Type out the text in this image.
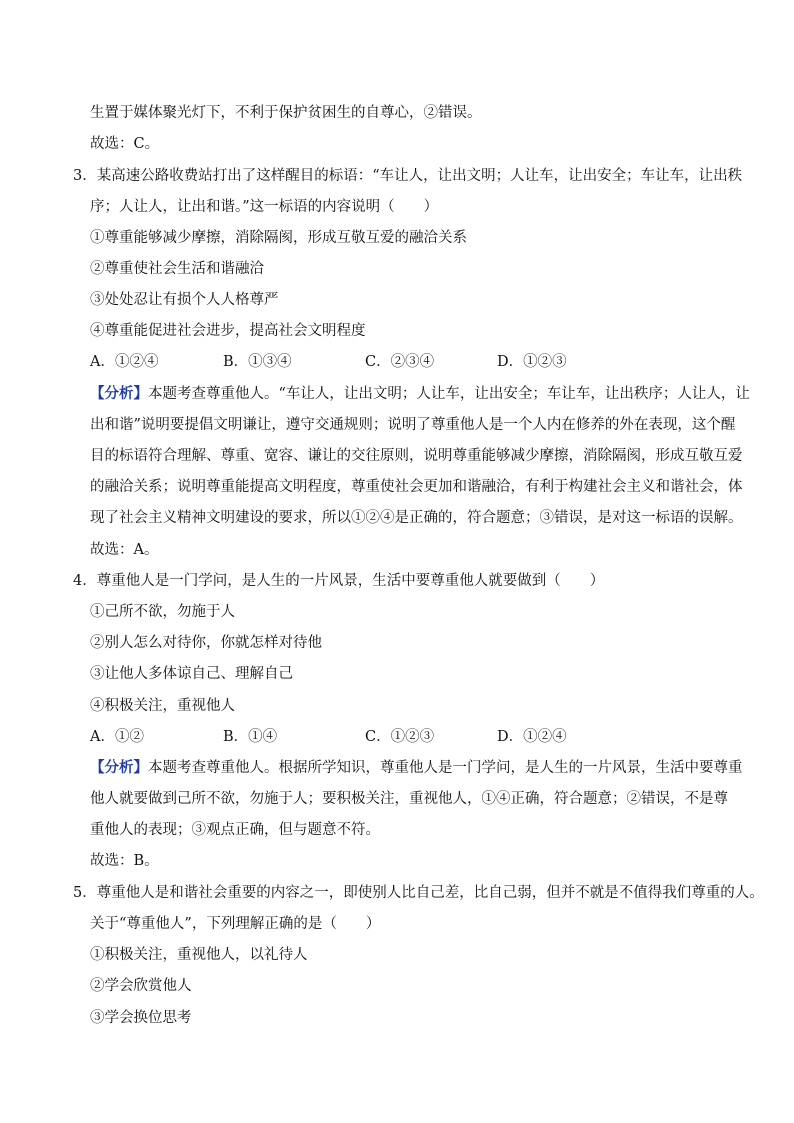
生置于媒体聚光灯下，不利于保护贫困生的自尊心，②错误。
故选：C。
3．某高速公路收费站打出了这样醒目的标语：“车让人，让出文明；人让车，让出安全；车让车，让出秩
序；人让人，让出和谐。”这一标语的内容说明（　　）
①尊重能够减少摩擦，消除隔阂，形成互敬互爱的融洽关系
②尊重使社会生活和谐融洽
③处处忍让有损个人人格尊严
④尊重能促进社会进步，提高社会文明程度
A．①②④	B．①③④	C．②③④	D．①②③
【分析】本题考查尊重他人。“车让人，让出文明；人让车，让出安全；车让车，让出秩序；人让人，让
出和谐”说明要提倡文明谦让，遵守交通规则；说明了尊重他人是一个人内在修养的外在表现，这个醒
目的标语符合理解、尊重、宽容、谦让的交往原则，说明尊重能够减少摩擦，消除隔阂，形成互敬互爱
的融洽关系；说明尊重能提高文明程度，尊重使社会更加和谐融洽，有利于构建社会主义和谐社会，体
现了社会主义精神文明建设的要求，所以①②④是正确的，符合题意；③错误，是对这一标语的误解。
故选：A。
4．尊重他人是一门学问，是人生的一片风景，生活中要尊重他人就要做到（　　）
①己所不欲，勿施于人
②别人怎么对待你，你就怎样对待他
③让他人多体谅自己、理解自己
④积极关注，重视他人
A．①②	B．①④	C．①②③	D．①②④
【分析】本题考查尊重他人。根据所学知识，尊重他人是一门学问，是人生的一片风景，生活中要尊重
他人就要做到己所不欲，勿施于人；要积极关注，重视他人，①④正确，符合题意；②错误，不是尊
重他人的表现；③观点正确，但与题意不符。
故选：B。
5．尊重他人是和谐社会重要的内容之一，即使别人比自己差，比自己弱，但并不就是不值得我们尊重的人。
关于“尊重他人”，下列理解正确的是（　　）
①积极关注，重视他人，以礼待人
②学会欣赏他人
③学会换位思考
